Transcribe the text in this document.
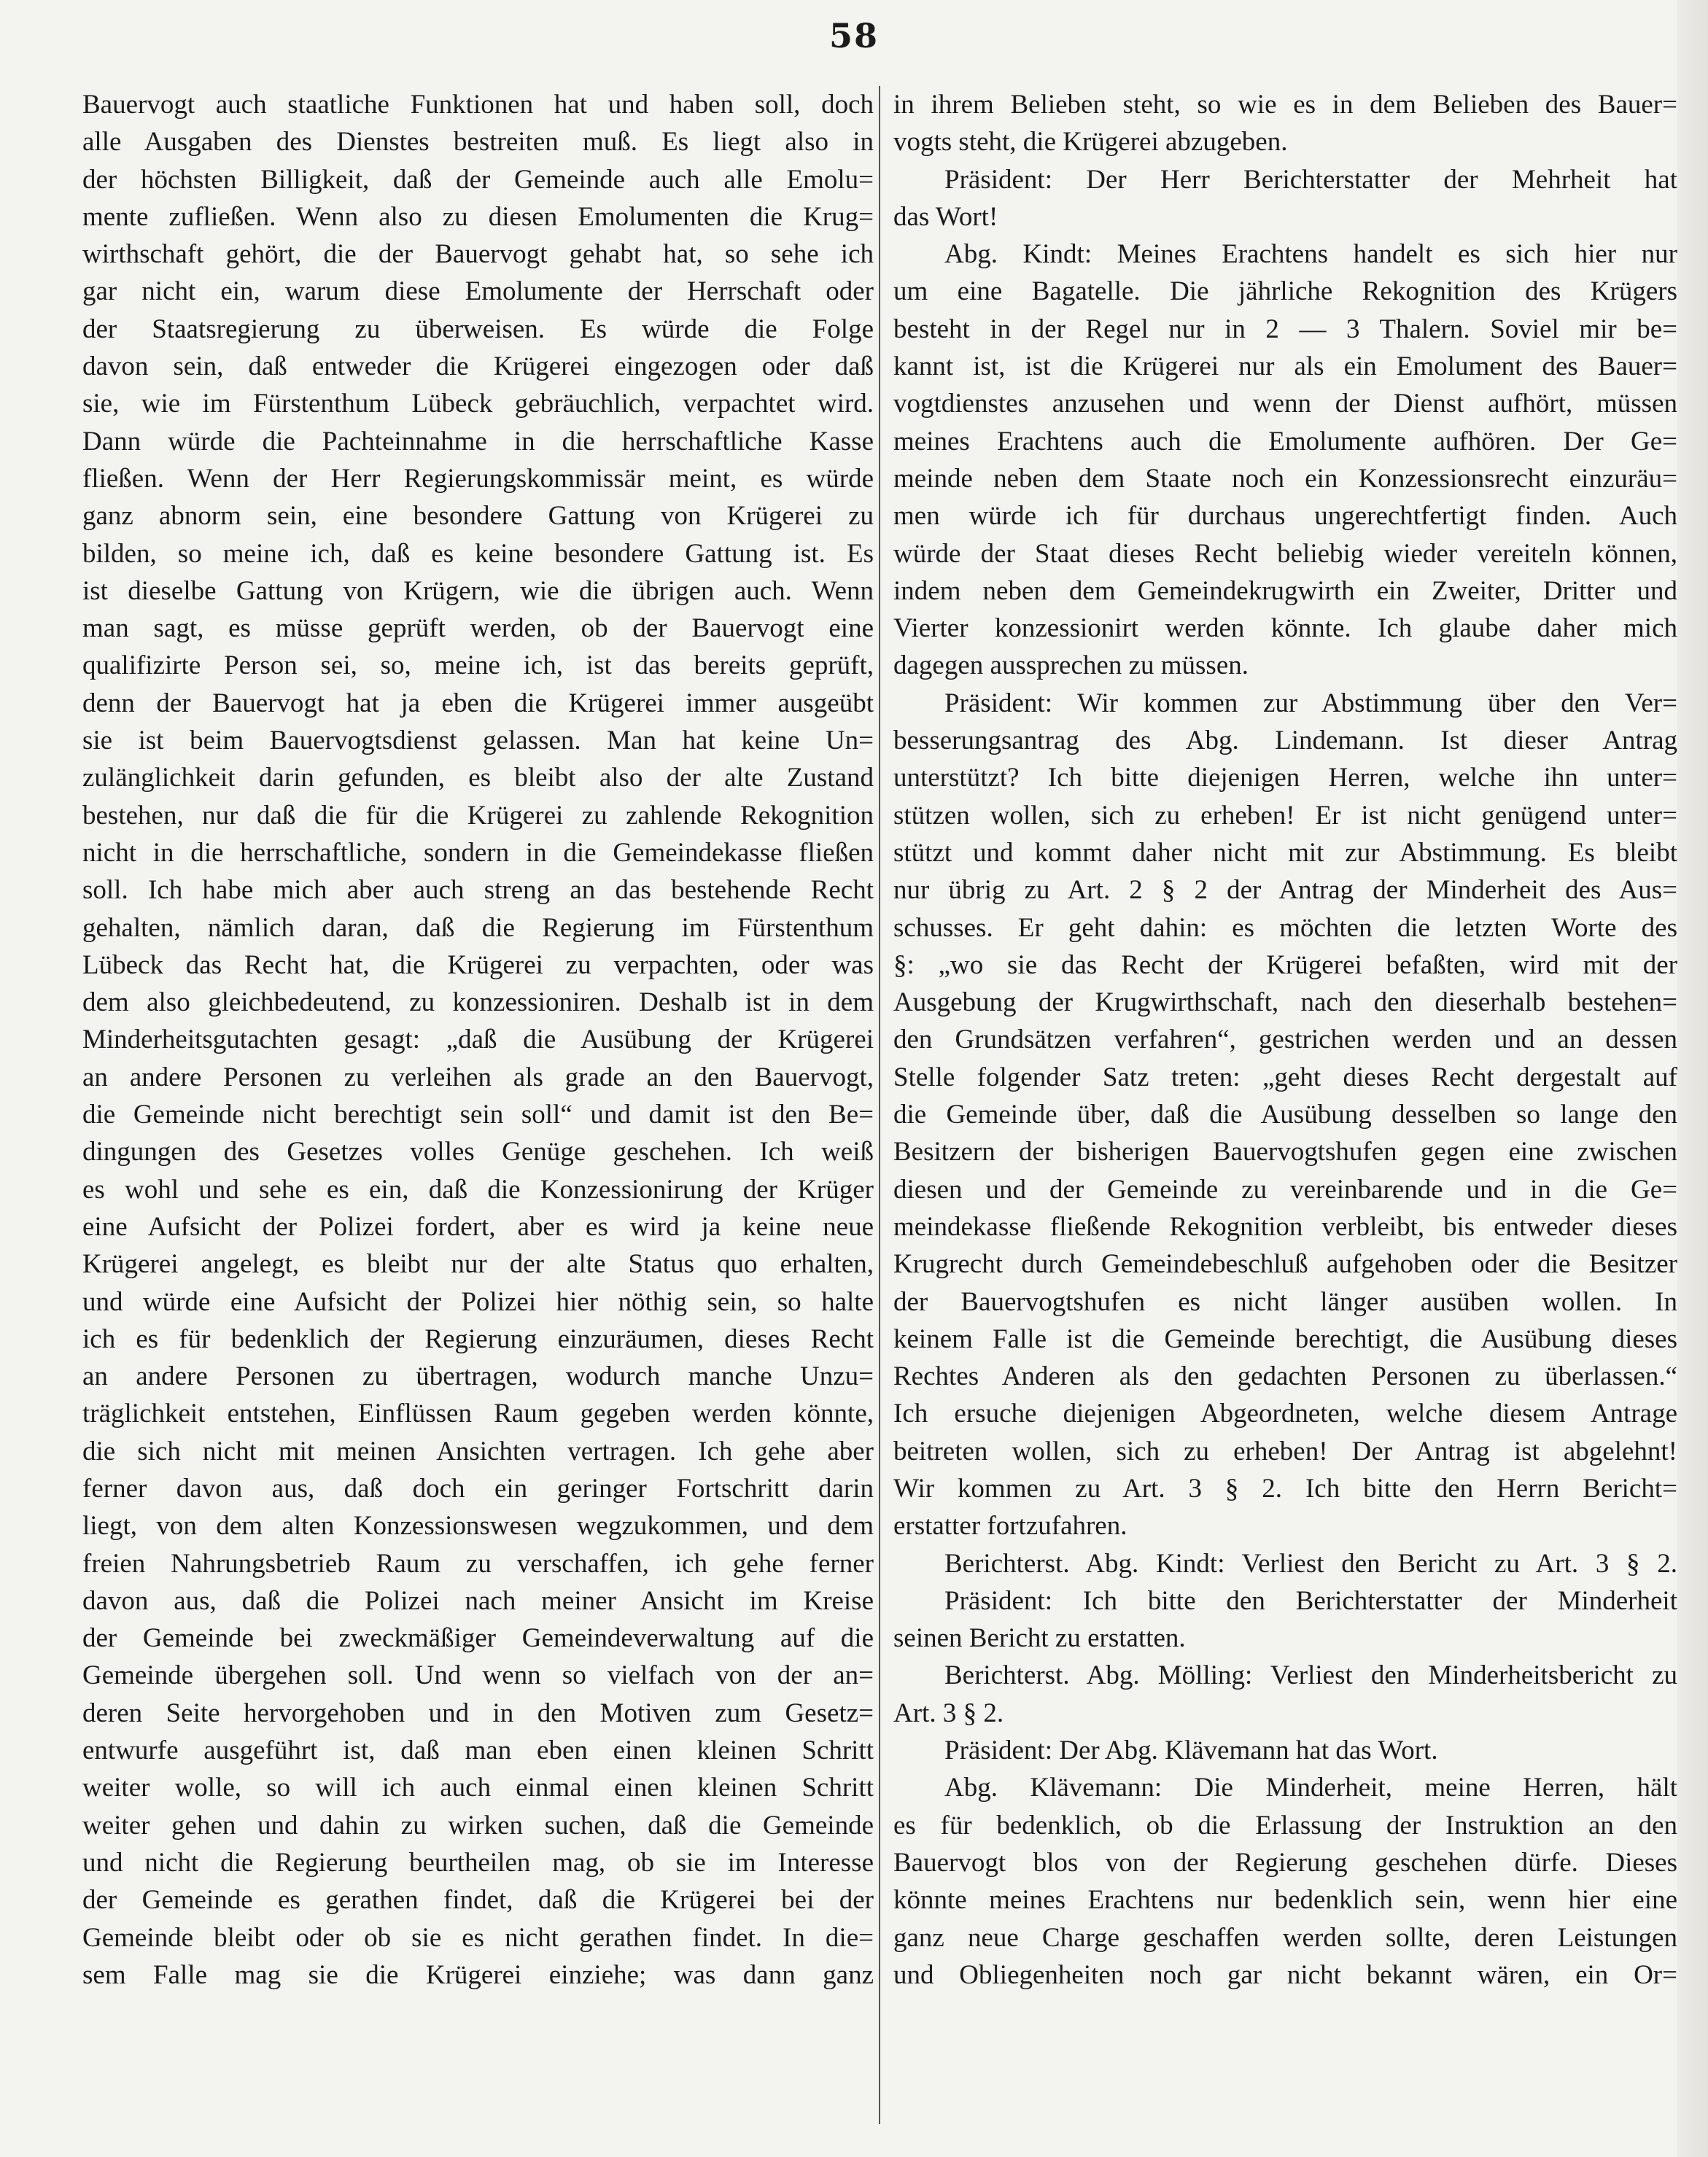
58
Bauervogt auch staatliche Funktionen hat und haben soll, doch
alle Ausgaben des Dienstes bestreiten muß. Es liegt also in
der höchsten Billigkeit, daß der Gemeinde auch alle Emolu=
mente zufließen. Wenn also zu diesen Emolumenten die Krug=
wirthschaft gehört, die der Bauervogt gehabt hat, so sehe ich
gar nicht ein, warum diese Emolumente der Herrschaft oder
der Staatsregierung zu überweisen. Es würde die Folge
davon sein, daß entweder die Krügerei eingezogen oder daß
sie, wie im Fürstenthum Lübeck gebräuchlich, verpachtet wird.
Dann würde die Pachteinnahme in die herrschaftliche Kasse
fließen. Wenn der Herr Regierungskommissär meint, es würde
ganz abnorm sein, eine besondere Gattung von Krügerei zu
bilden, so meine ich, daß es keine besondere Gattung ist. Es
ist dieselbe Gattung von Krügern, wie die übrigen auch. Wenn
man sagt, es müsse geprüft werden, ob der Bauervogt eine
qualifizirte Person sei, so, meine ich, ist das bereits geprüft,
denn der Bauervogt hat ja eben die Krügerei immer ausgeübt
sie ist beim Bauervogtsdienst gelassen. Man hat keine Un=
zulänglichkeit darin gefunden, es bleibt also der alte Zustand
bestehen, nur daß die für die Krügerei zu zahlende Rekognition
nicht in die herrschaftliche, sondern in die Gemeindekasse fließen
soll. Ich habe mich aber auch streng an das bestehende Recht
gehalten, nämlich daran, daß die Regierung im Fürstenthum
Lübeck das Recht hat, die Krügerei zu verpachten, oder was
dem also gleichbedeutend, zu konzessioniren. Deshalb ist in dem
Minderheitsgutachten gesagt: „daß die Ausübung der Krügerei
an andere Personen zu verleihen als grade an den Bauervogt,
die Gemeinde nicht berechtigt sein soll“ und damit ist den Be=
dingungen des Gesetzes volles Genüge geschehen. Ich weiß
es wohl und sehe es ein, daß die Konzessionirung der Krüger
eine Aufsicht der Polizei fordert, aber es wird ja keine neue
Krügerei angelegt, es bleibt nur der alte Status quo erhalten,
und würde eine Aufsicht der Polizei hier nöthig sein, so halte
ich es für bedenklich der Regierung einzuräumen, dieses Recht
an andere Personen zu übertragen, wodurch manche Unzu=
träglichkeit entstehen, Einflüssen Raum gegeben werden könnte,
die sich nicht mit meinen Ansichten vertragen. Ich gehe aber
ferner davon aus, daß doch ein geringer Fortschritt darin
liegt, von dem alten Konzessionswesen wegzukommen, und dem
freien Nahrungsbetrieb Raum zu verschaffen, ich gehe ferner
davon aus, daß die Polizei nach meiner Ansicht im Kreise
der Gemeinde bei zweckmäßiger Gemeindeverwaltung auf die
Gemeinde übergehen soll. Und wenn so vielfach von der an=
deren Seite hervorgehoben und in den Motiven zum Gesetz=
entwurfe ausgeführt ist, daß man eben einen kleinen Schritt
weiter wolle, so will ich auch einmal einen kleinen Schritt
weiter gehen und dahin zu wirken suchen, daß die Gemeinde
und nicht die Regierung beurtheilen mag, ob sie im Interesse
der Gemeinde es gerathen findet, daß die Krügerei bei der
Gemeinde bleibt oder ob sie es nicht gerathen findet. In die=
sem Falle mag sie die Krügerei einziehe; was dann ganz
in ihrem Belieben steht, so wie es in dem Belieben des Bauer=
vogts steht, die Krügerei abzugeben.
Präsident: Der Herr Berichterstatter der Mehrheit hat
das Wort!
Abg. Kindt: Meines Erachtens handelt es sich hier nur
um eine Bagatelle. Die jährliche Rekognition des Krügers
besteht in der Regel nur in 2 — 3 Thalern. Soviel mir be=
kannt ist, ist die Krügerei nur als ein Emolument des Bauer=
vogtdienstes anzusehen und wenn der Dienst aufhört, müssen
meines Erachtens auch die Emolumente aufhören. Der Ge=
meinde neben dem Staate noch ein Konzessionsrecht einzuräu=
men würde ich für durchaus ungerechtfertigt finden. Auch
würde der Staat dieses Recht beliebig wieder vereiteln können,
indem neben dem Gemeindekrugwirth ein Zweiter, Dritter und
Vierter konzessionirt werden könnte. Ich glaube daher mich
dagegen aussprechen zu müssen.
Präsident: Wir kommen zur Abstimmung über den Ver=
besserungsantrag des Abg. Lindemann. Ist dieser Antrag
unterstützt? Ich bitte diejenigen Herren, welche ihn unter=
stützen wollen, sich zu erheben! Er ist nicht genügend unter=
stützt und kommt daher nicht mit zur Abstimmung. Es bleibt
nur übrig zu Art. 2 § 2 der Antrag der Minderheit des Aus=
schusses. Er geht dahin: es möchten die letzten Worte des
§: „wo sie das Recht der Krügerei befaßten, wird mit der
Ausgebung der Krugwirthschaft, nach den dieserhalb bestehen=
den Grundsätzen verfahren“, gestrichen werden und an dessen
Stelle folgender Satz treten: „geht dieses Recht dergestalt auf
die Gemeinde über, daß die Ausübung desselben so lange den
Besitzern der bisherigen Bauervogtshufen gegen eine zwischen
diesen und der Gemeinde zu vereinbarende und in die Ge=
meindekasse fließende Rekognition verbleibt, bis entweder dieses
Krugrecht durch Gemeindebeschluß aufgehoben oder die Besitzer
der Bauervogtshufen es nicht länger ausüben wollen. In
keinem Falle ist die Gemeinde berechtigt, die Ausübung dieses
Rechtes Anderen als den gedachten Personen zu überlassen.“
Ich ersuche diejenigen Abgeordneten, welche diesem Antrage
beitreten wollen, sich zu erheben! Der Antrag ist abgelehnt!
Wir kommen zu Art. 3 § 2. Ich bitte den Herrn Bericht=
erstatter fortzufahren.
Berichterst. Abg. Kindt: Verliest den Bericht zu Art. 3 § 2.
Präsident: Ich bitte den Berichterstatter der Minderheit
seinen Bericht zu erstatten.
Berichterst. Abg. Mölling: Verliest den Minderheitsbericht zu
Art. 3 § 2.
Präsident: Der Abg. Klävemann hat das Wort.
Abg. Klävemann: Die Minderheit, meine Herren, hält
es für bedenklich, ob die Erlassung der Instruktion an den
Bauervogt blos von der Regierung geschehen dürfe. Dieses
könnte meines Erachtens nur bedenklich sein, wenn hier eine
ganz neue Charge geschaffen werden sollte, deren Leistungen
und Obliegenheiten noch gar nicht bekannt wären, ein Or=
